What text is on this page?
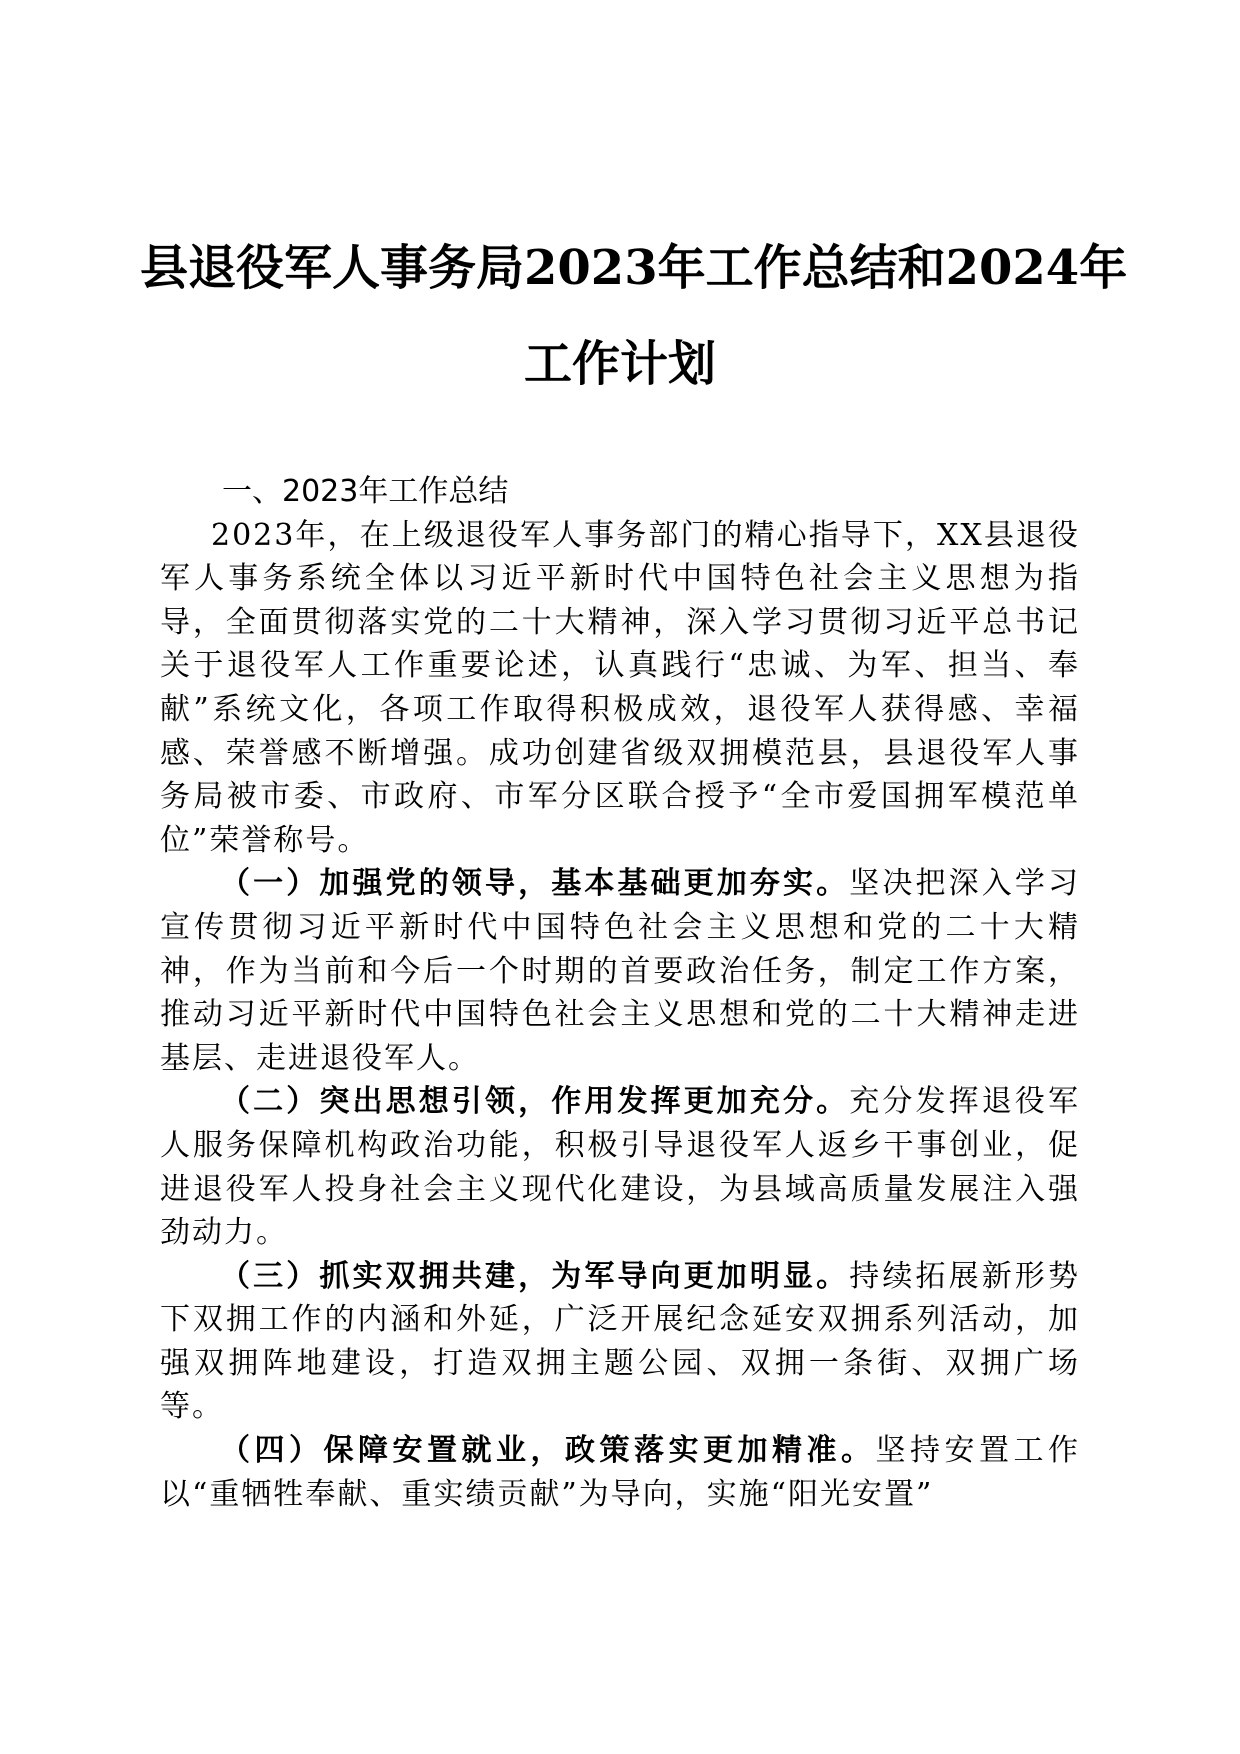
县退役军人事务局2023年工作总结和2024年
工作计划

一、2023年工作总结

2023年，在上级退役军人事务部门的精心指导下，XX县退役军人事务系统全体以习近平新时代中国特色社会主义思想为指导，全面贯彻落实党的二十大精神，深入学习贯彻习近平总书记关于退役军人工作重要论述，认真践行“忠诚、为军、担当、奉献”系统文化，各项工作取得积极成效，退役军人获得感、幸福感、荣誉感不断增强。成功创建省级双拥模范县，县退役军人事务局被市委、市政府、市军分区联合授予“全市爱国拥军模范单位”荣誉称号。

（一）加强党的领导，基本基础更加夯实。坚决把深入学习宣传贯彻习近平新时代中国特色社会主义思想和党的二十大精神，作为当前和今后一个时期的首要政治任务，制定工作方案，推动习近平新时代中国特色社会主义思想和党的二十大精神走进基层、走进退役军人。

（二）突出思想引领，作用发挥更加充分。充分发挥退役军人服务保障机构政治功能，积极引导退役军人返乡干事创业，促进退役军人投身社会主义现代化建设，为县域高质量发展注入强劲动力。

（三）抓实双拥共建，为军导向更加明显。持续拓展新形势下双拥工作的内涵和外延，广泛开展纪念延安双拥系列活动，加强双拥阵地建设，打造双拥主题公园、双拥一条街、双拥广场等。

（四）保障安置就业，政策落实更加精准。坚持安置工作以“重牺牲奉献、重实绩贡献”为导向，实施“阳光安置”
